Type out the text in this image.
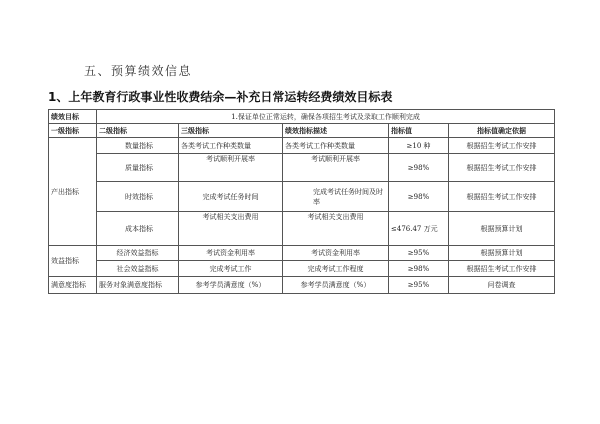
五、预算绩效信息
1、上年教育行政事业性收费结余—补充日常运转经费绩效目标表
绩效目标	1.保证单位正常运转，确保各项招生考试及录取工作顺利完成				
一级指标	二级指标	三级指标	绩效指标描述	指标值	指标值确定依据
产出指标	数量指标	各类考试工作种类数量	各类考试工作种类数量	≥10 种	根据招生考试工作安排
	质量指标	考试顺利开展率	考试顺利开展率	≥98%	根据招生考试工作安排
	时效指标	完成考试任务时间	完成考试任务时间及时率	≥98%	根据招生考试工作安排
	成本指标	考试相关支出费用	考试相关支出费用	≤476.47 万元	根据预算计划
效益指标	经济效益指标	考试资金利用率	考试资金利用率	≥95%	根据预算计划
	社会效益指标	完成考试工作	完成考试工作程度	≥98%	根据招生考试工作安排
满意度指标	服务对象满意度指标	参考学员满意度（%）	参考学员满意度（%）	≥95%	问卷调查
